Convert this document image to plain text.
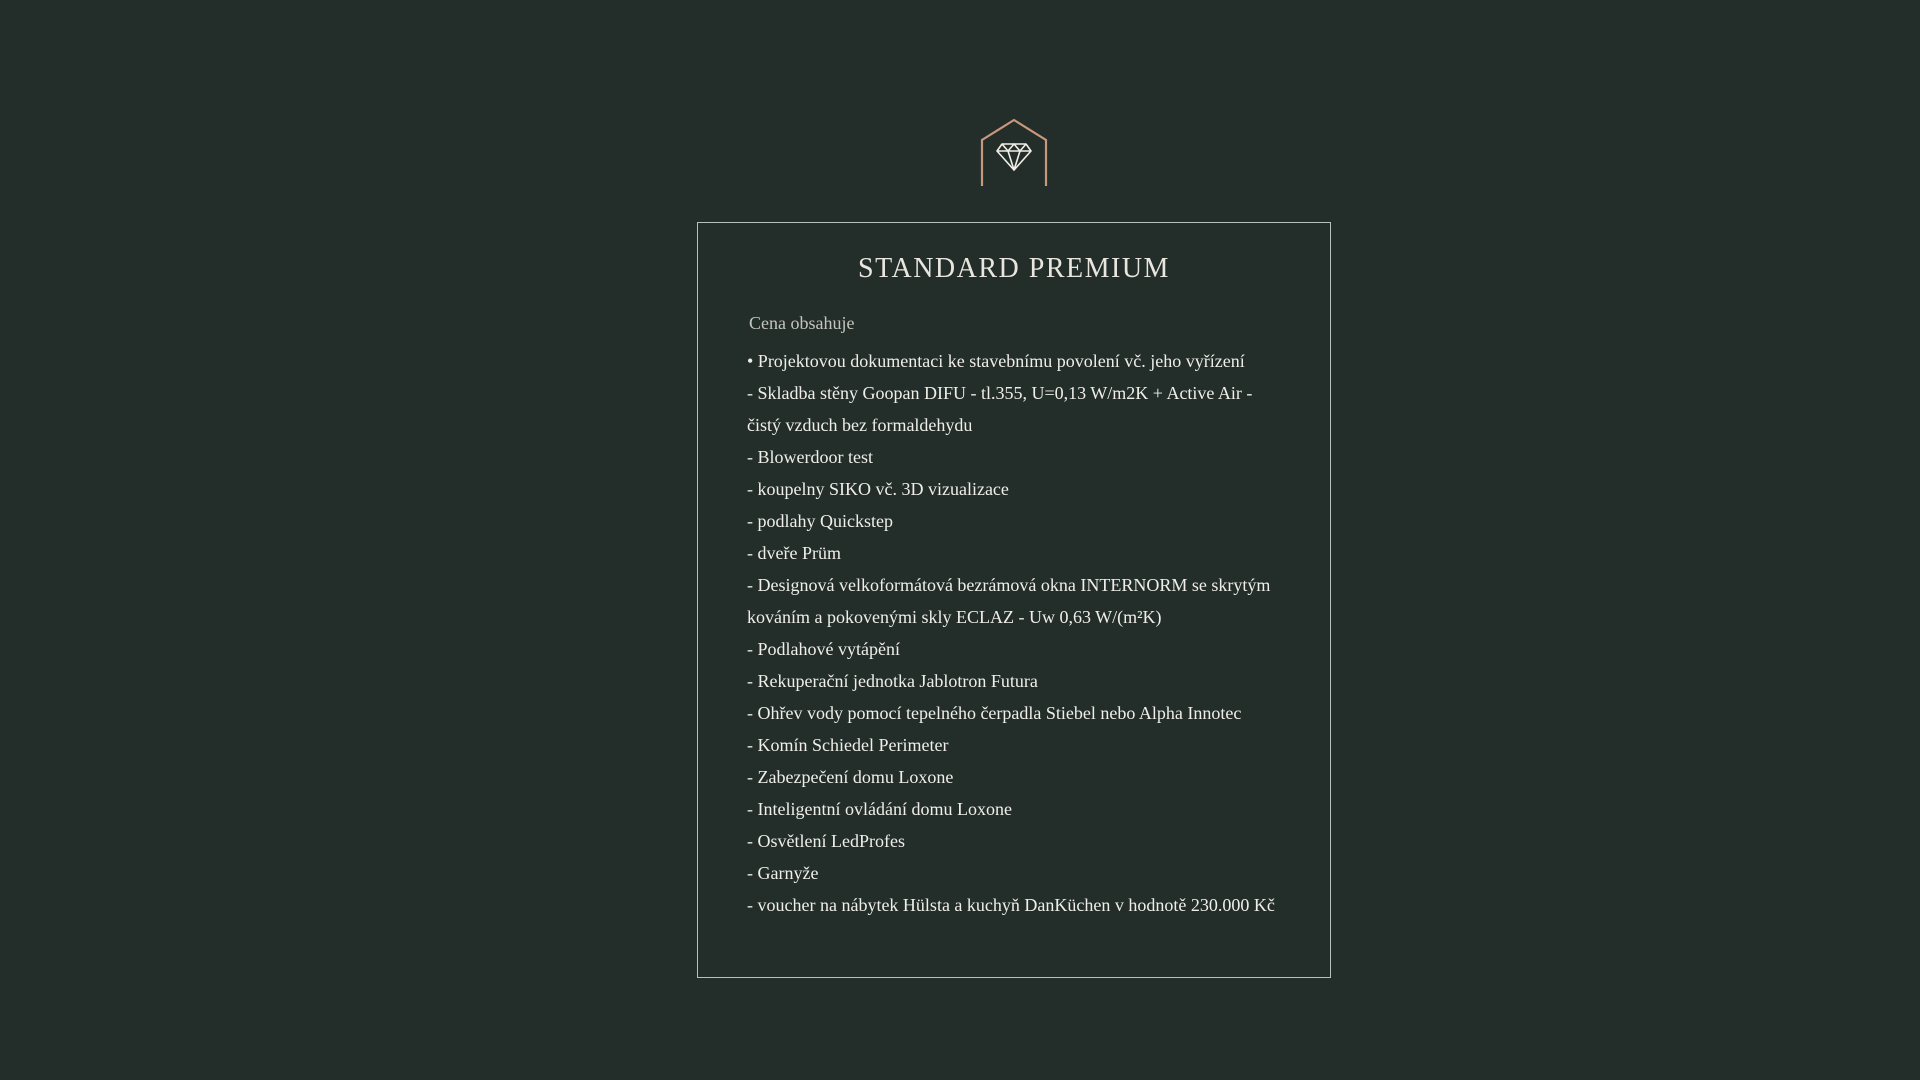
STANDARD PREMIUM
Cena obsahuje
• Projektovou dokumentaci ke stavebnímu povolení vč. jeho vyřízení
- Skladba stěny Goopan DIFU - tl.355, U=0,13 W/m2K + Active Air -
čistý vzduch bez formaldehydu
- Blowerdoor test
- koupelny SIKO vč. 3D vizualizace
- podlahy Quickstep
- dveře Prüm
- Designová velkoformátová bezrámová okna INTERNORM se skrytým
kováním a pokovenými skly ECLAZ - Uw 0,63 W/(m²K)
- Podlahové vytápění
- Rekuperační jednotka Jablotron Futura
- Ohřev vody pomocí tepelného čerpadla Stiebel nebo Alpha Innotec
- Komín Schiedel Perimeter
- Zabezpečení domu Loxone
- Inteligentní ovládání domu Loxone
- Osvětlení LedProfes
- Garnyže
- voucher na nábytek Hülsta a kuchyň DanKüchen v hodnotě 230.000 Kč
